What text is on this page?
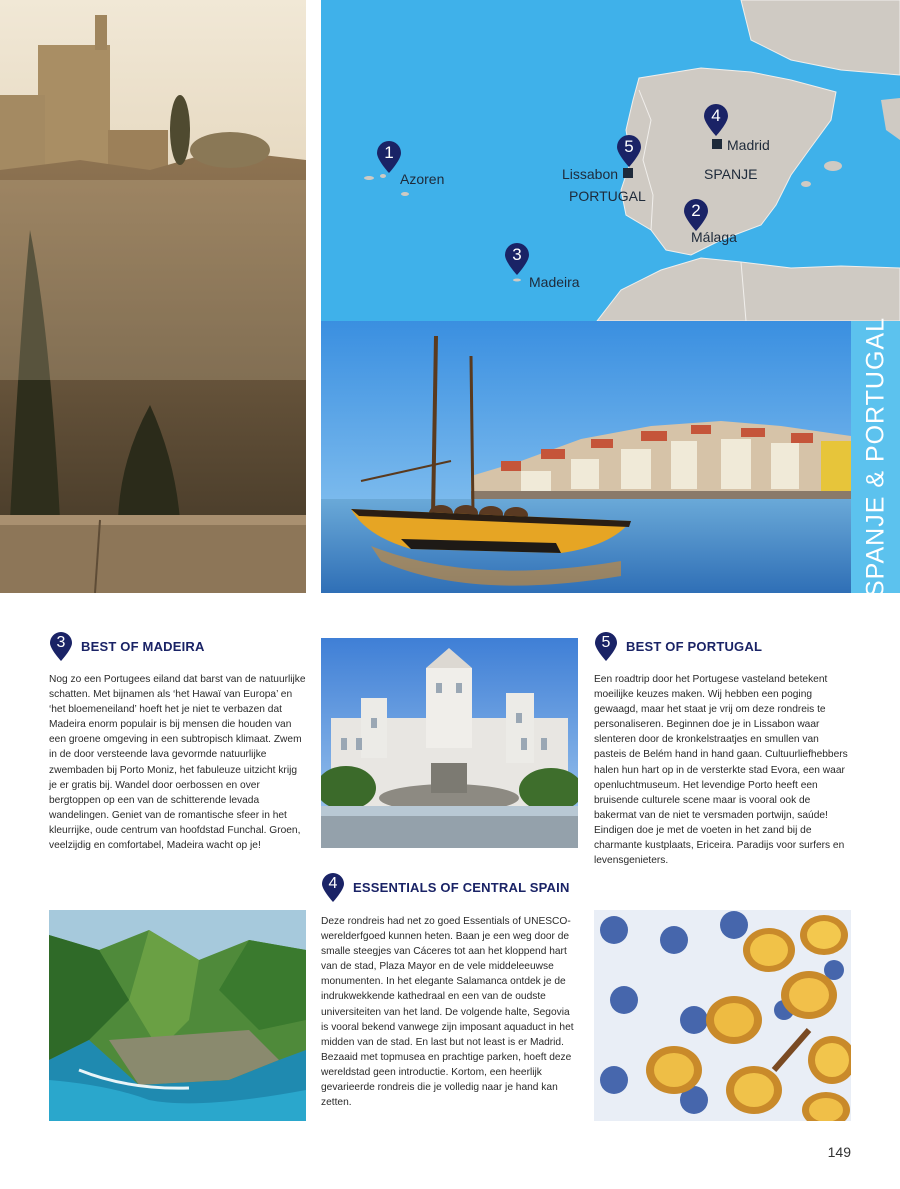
1
Azoren
2
Málaga
3
Madeira
4
Madrid
5
Lissabon
PORTUGAL
SPANJE
SPANJE & PORTUGAL
3	BEST OF MADEIRA

Nog zo een Portugees eiland dat barst van de natuurlijke schatten. Met bijnamen als ‘het Hawaï van Europa’ en ‘het bloemeneiland’ hoeft het je niet te verbazen dat Madeira enorm populair is bij mensen die houden van een groene omgeving in een subtropisch klimaat. Zwem in de door versteende lava gevormde natuurlijke zwembaden bij Porto Moniz, het fabuleuze uitzicht krijg je er gratis bij. Wandel door oerbossen en over bergtoppen op een van de schitterende levada wandelingen. Geniet van de romantische sfeer in het kleurrijke, oude centrum van hoofdstad Funchal. Groen, veelzijdig en comfortabel, Madeira wacht op je!

4	ESSENTIALS OF CENTRAL SPAIN

Deze rondreis had net zo goed Essentials of UNESCO-werelderfgoed kunnen heten. Baan je een weg door de smalle steegjes van Cáceres tot aan het kloppend hart van de stad, Plaza Mayor en de vele middeleeuwse monumenten. In het elegante Salamanca ontdek je de indrukwekkende kathedraal en een van de oudste universiteiten van het land. De volgende halte, Segovia is vooral bekend vanwege zijn imposant aquaduct in het midden van de stad. En last but not least is er Madrid. Bezaaid met topmusea en prachtige parken, hoeft deze wereldstad geen introductie. Kortom, een heerlijk gevarieerde rondreis die je volledig naar je hand kan zetten.

5	BEST OF PORTUGAL

Een roadtrip door het Portugese vasteland betekent moeilijke keuzes maken. Wij hebben een poging gewaagd, maar het staat je vrij om deze rondreis te personaliseren. Beginnen doe je in Lissabon waar slenteren door de kronkelstraatjes en smullen van pasteis de Belém hand in hand gaan. Cultuurliefhebbers halen hun hart op in de versterkte stad Evora, een waar openluchtmuseum. Het levendige Porto heeft een bruisende culturele scene maar is vooral ook de bakermat van de niet te versmaden portwijn, saúde! Eindigen doe je met de voeten in het zand bij de charmante kustplaats, Ericeira. Paradijs voor surfers en levensgenieters.

149
